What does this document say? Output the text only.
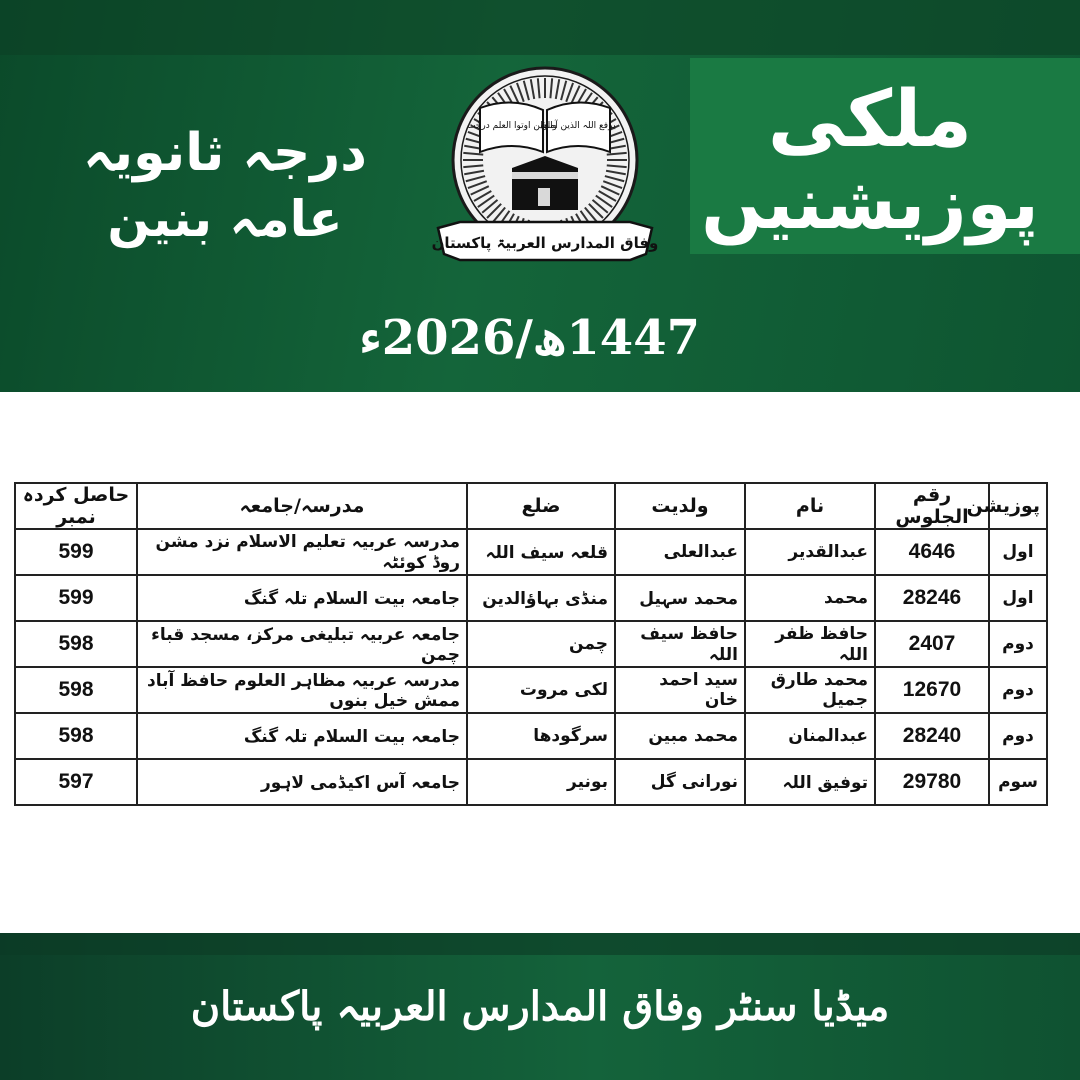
ملکی
پوزیشنیں
درجہ ثانویہ
عامہ بنین
والذین اوتوا العلم درجٰت
یرفع اللہ الذین آمنوا
وفاق المدارس العربیۃ پاکستان
1447ھ/2026ء
پوزیشن	رقم الجلوس	نام	ولدیت	ضلع	مدرسہ/جامعہ	حاصل کردہ نمبر
اول	4646	عبدالقدیر	عبدالعلی	قلعہ سیف اللہ	مدرسہ عربیہ تعلیم الاسلام نزد مشن روڈ کوئٹہ	599
اول	28246	محمد	محمد سہیل	منڈی بہاؤالدین	جامعہ بیت السلام تلہ گنگ	599
دوم	2407	حافظ ظفر اللہ	حافظ سیف اللہ	چمن	جامعہ عربیہ تبلیغی مرکز، مسجد قباء چمن	598
دوم	12670	محمد طارق جمیل	سید احمد خان	لکی مروت	مدرسہ عربیہ مظاہر العلوم حافظ آباد ممش خیل بنوں	598
دوم	28240	عبدالمنان	محمد مبین	سرگودھا	جامعہ بیت السلام تلہ گنگ	598
سوم	29780	توفیق اللہ	نورانی گل	بونیر	جامعہ آس اکیڈمی لاہور	597
میڈیا سنٹر وفاق المدارس العربیہ پاکستان
